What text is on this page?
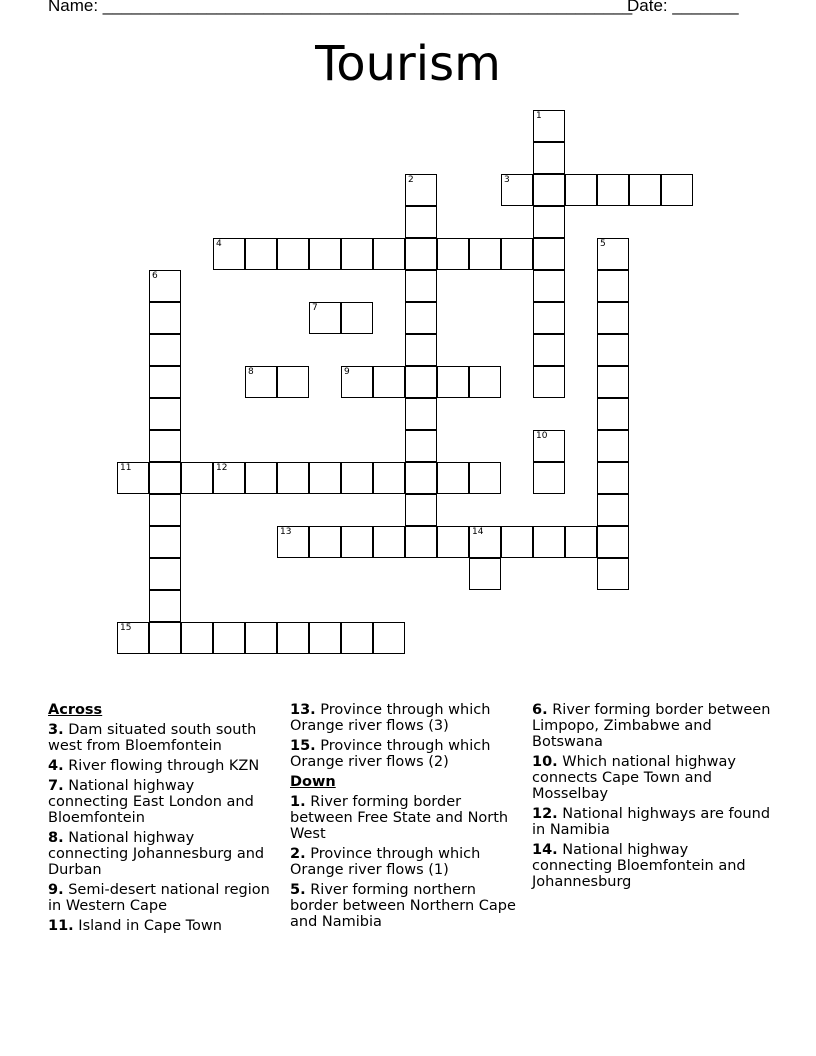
Name: ________________________________________________________
Date: _______
Tourism
1
2	3
4	5
6
7
8	9
10
11	12
13	14
15
Across
3. Dam situated south south west from Bloemfontein
4. River flowing through KZN
7. National highway connecting East London and Bloemfontein
8. National highway connecting Johannesburg and Durban
9. Semi-desert national region in Western Cape
11. Island in Cape Town
13. Province through which Orange river flows (3)
15. Province through which Orange river flows (2)
Down
1. River forming border between Free State and North West
2. Province through which Orange river flows (1)
5. River forming northern border between Northern Cape and Namibia
6. River forming border between Limpopo, Zimbabwe and Botswana
10. Which national highway connects Cape Town and Mosselbay
12. National highways are found in Namibia
14. National highway connecting Bloemfontein and Johannesburg
